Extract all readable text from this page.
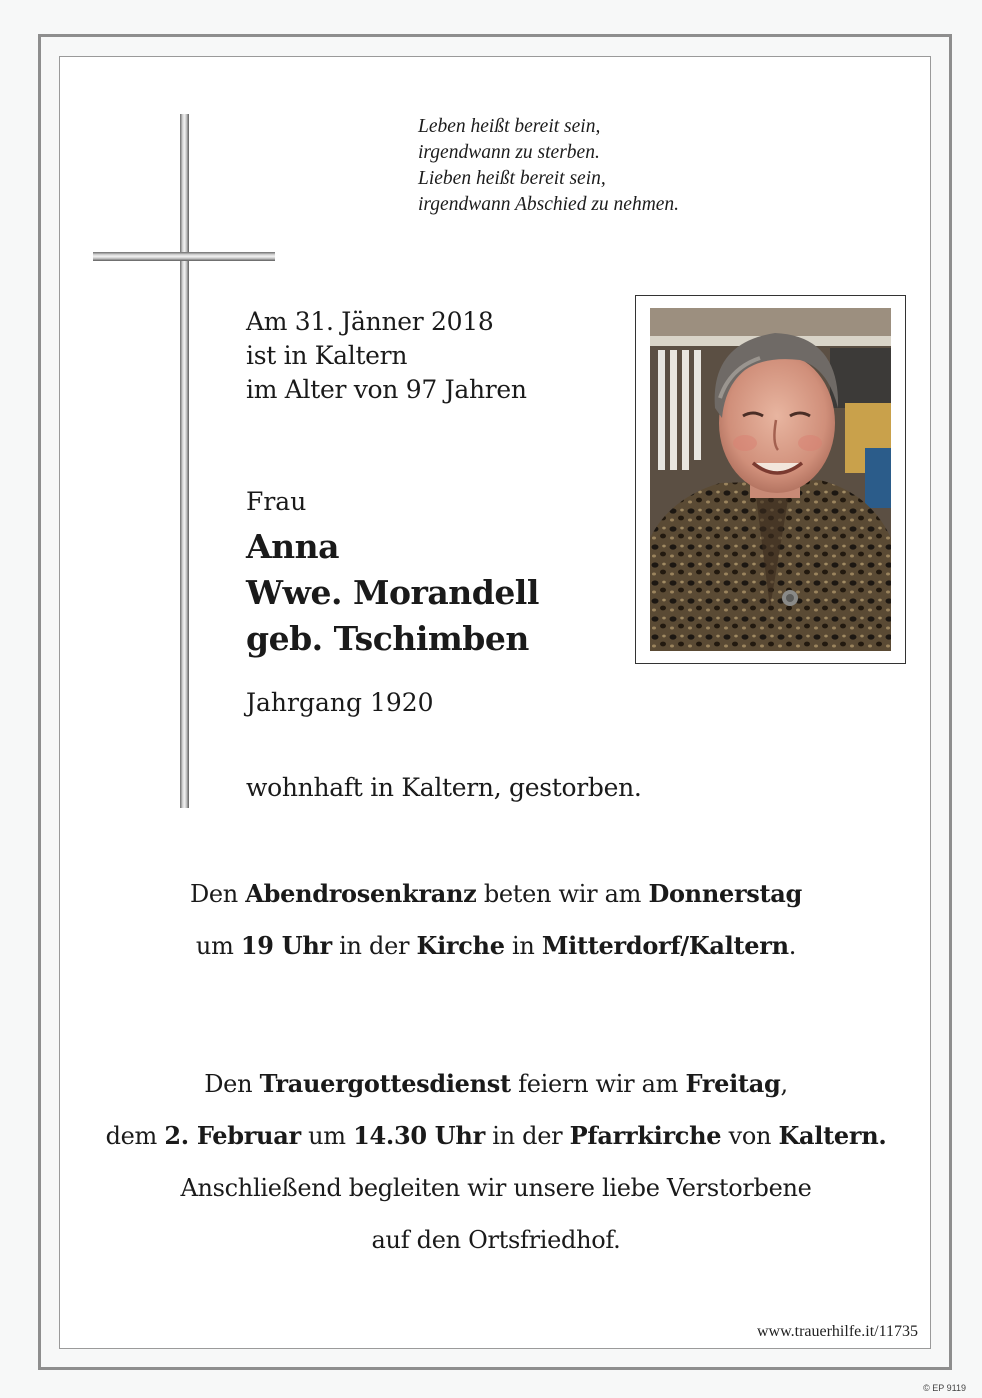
Leben heißt bereit sein,
irgendwann zu sterben.
Lieben heißt bereit sein,
irgendwann Abschied zu nehmen.
Am 31. Jänner 2018
ist in Kaltern
im Alter von 97 Jahren
Frau
Anna
Wwe. Morandell
geb. Tschimben
Jahrgang 1920
wohnhaft in Kaltern, gestorben.
Den Abendrosenkranz beten wir am Donnerstag
um 19 Uhr in der Kirche in Mitterdorf/Kaltern.
Den Trauergottesdienst feiern wir am Freitag,
dem 2. Februar um 14.30 Uhr in der Pfarrkirche von Kaltern.
Anschließend begleiten wir unsere liebe Verstorbene
auf den Ortsfriedhof.
www.trauerhilfe.it/11735
© EP 9119
